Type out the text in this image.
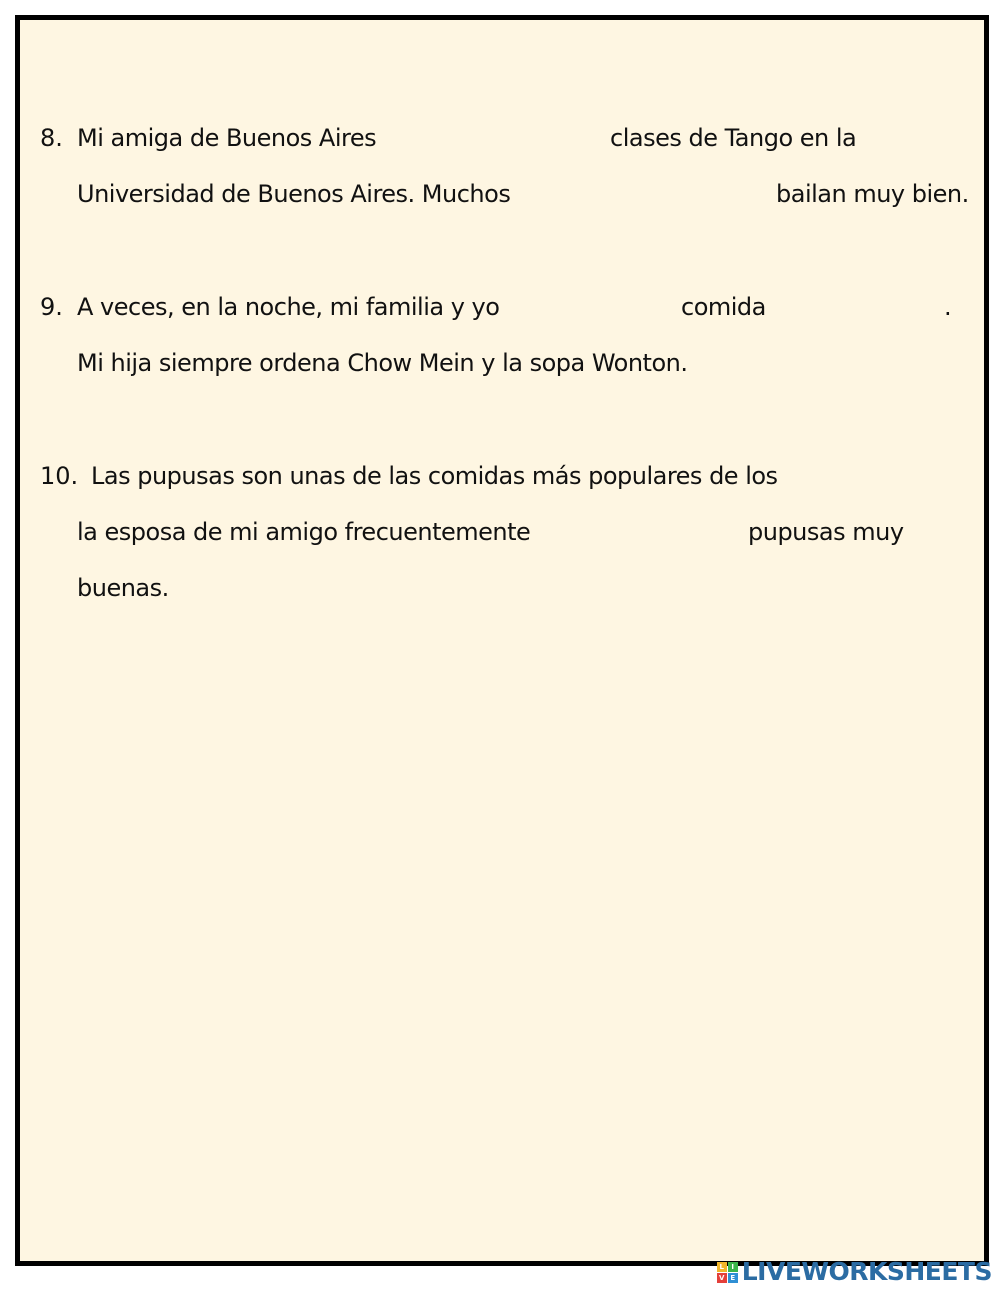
8. Mi amiga de Buenos Aires	clases de Tango en la
Universidad de Buenos Aires. Muchos	bailan muy bien.
9. A veces, en la noche, mi familia y yo	comida	.
Mi hija siempre ordena Chow Mein y la sopa Wonton.
10. Las pupusas son unas de las comidas más populares de los
la esposa de mi amigo frecuentemente	pupusas muy
buenas.
L	I
V E LIVEWORKSHEETS
